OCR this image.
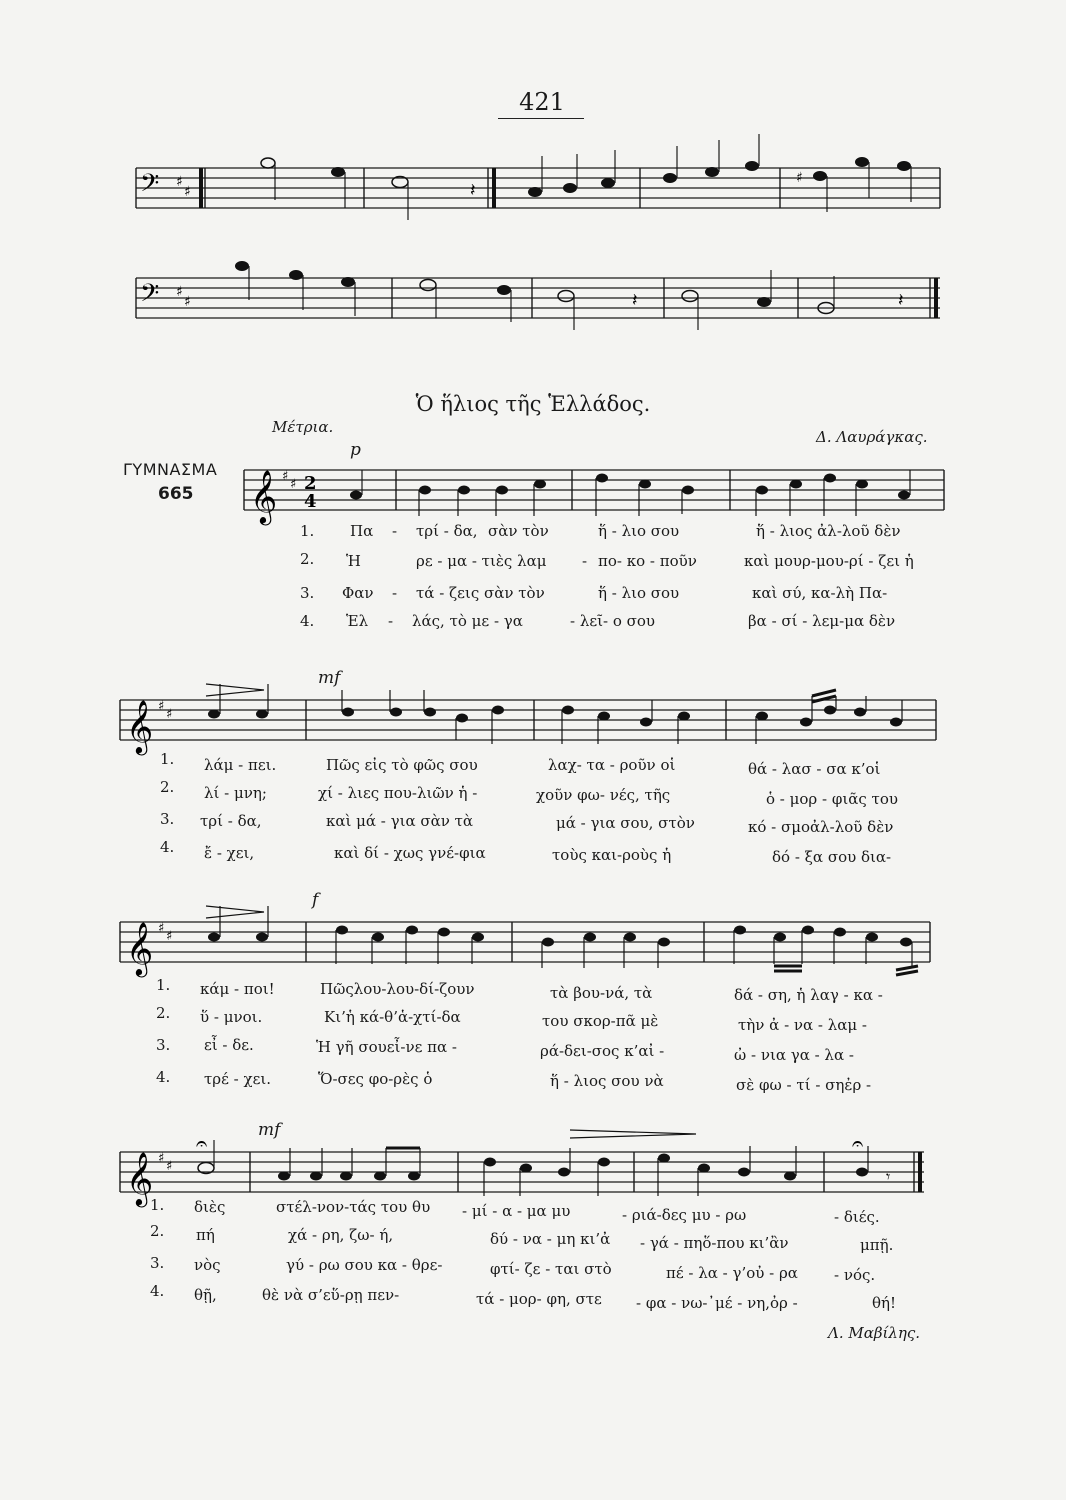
421
𝄢 ♯
♯	𝄽
♯
𝄢 ♯
♯	𝄽	𝄽
Ὁ ἥλιος τῆς Ἑλλάδος.
Μέτρια.
Δ. Λαυράγκας.
ΓΥΜΝΑΣΜΑ
665 𝄞 ♯
♯ 2
4
p
1.
2.
3.
4.
Πα - τρί - δα, σὰν τὸν	ἥ - λιο σου	ἥ - λιος ἀλ-λοῦ δὲν
Ἡ	ρε - μα - τιὲς λαμ - πο- κο - ποῦν	καὶ μουρ-μου-ρί - ζει ἡ
Φαν - τά - ζεις σὰν τὸν	ἥ - λιο σου	καὶ σύ, κα-λὴ Πα-
Ἑλ - λάς, τὸ με - γα	- λεῖ- ο σου	βα - σί - λεμ-μα δὲν
𝄞 ♯
♯
mf
1.
2.
3.
4.
λάμ - πει.	Πῶς εἰς τὸ φῶς σου	λαχ- τα - ροῦν οἱ	θά - λασ - σα κ’οἱ
λί - μνη;	χί - λιες που-λιῶν ἡ -	χοῦν φω- νές, τῆς	ὁ - μορ - φιᾶς του
τρί - δα,	καὶ μά - για σὰν τὰ	μά - για σου, στὸν	κό - σμοἀλ-λοῦ δὲν
ἔ - χει,	καὶ δί - χως γνέ-φια	τοὺς και-ροὺς ἡ	δό - ξα σου δια-
𝄞 ♯
♯
f
1.
2.
3.
4.
κάμ - ποι!	Πῶςλου-λου-δί-ζουν	τὰ βου-νά, τὰ	δά - ση, ἡ λαγ - κα -
ὕ - μνοι.	Κι’ἡ κά-θ’ἁ-χτί-δα	του σκορ-πᾶ μὲ	τὴν ἀ - να - λαμ -
εἶ - δε.	Ἡ γῆ σουεἶ-νε πα -	ρά-δει-σος κ’αἰ -	ὠ - νια γα - λα -
τρέ - χει.	Ὅ-σες φο-ρὲς ὁ	ἥ - λιος σου νὰ	σὲ φω - τί - σηἐρ -
𝄞 ♯
♯
𝄐	𝄐
𝄾
mf
1.
2.
3.
4.
διὲς	στέλ-νον-τάς του θυ - μί - α - μα μυ	- ριά-δες μυ - ρω	- διές.
πή	χά - ρη, ζω- ή,	δύ - να - μη κι’ἀ - γά - πηὅ-που κι’ἂν	μπῇ.
νὸς	γύ - ρω σου κα - θρε-	φτί- ζε - ται στὸ	πέ - λα - γ’οὐ - ρα - νός.
θῇ,	θὲ νὰ σ’εὕ-ρῃ πεν-	τά - μορ- φη, στε - φα - νω-᾽μέ - νη,ὀρ -	θή!
Λ. Μαβίλης.
